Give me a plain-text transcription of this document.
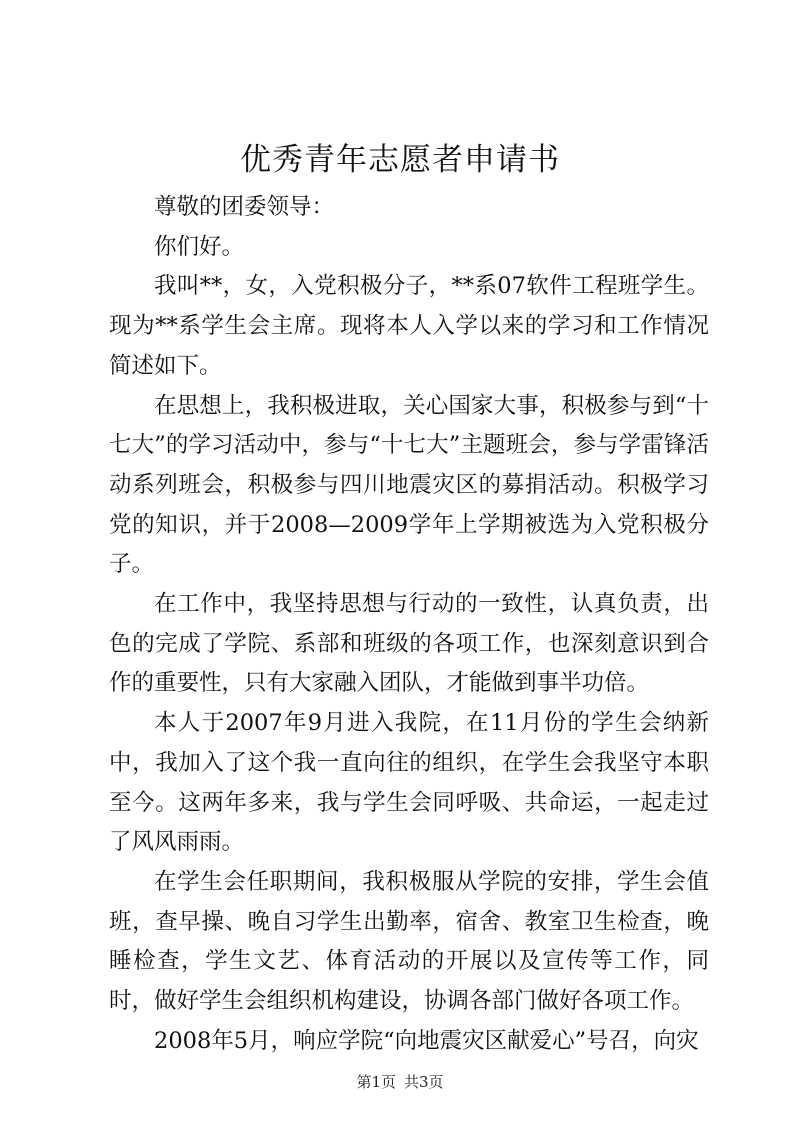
优秀青年志愿者申请书

尊敬的团委领导：

你们好。

我叫**，女，入党积极分子，**系07软件工程班学生。现为**系学生会主席。现将本人入学以来的学习和工作情况简述如下。

在思想上，我积极进取，关心国家大事，积极参与到“十七大”的学习活动中，参与“十七大”主题班会，参与学雷锋活动系列班会，积极参与四川地震灾区的募捐活动。积极学习党的知识，并于2008—2009学年上学期被选为入党积极分子。

在工作中，我坚持思想与行动的一致性，认真负责，出色的完成了学院、系部和班级的各项工作，也深刻意识到合作的重要性，只有大家融入团队，才能做到事半功倍。

本人于2007年9月进入我院，在11月份的学生会纳新中，我加入了这个我一直向往的组织，在学生会我坚守本职至今。这两年多来，我与学生会同呼吸、共命运，一起走过了风风雨雨。

在学生会任职期间，我积极服从学院的安排，学生会值班，查早操、晚自习学生出勤率，宿舍、教室卫生检查，晚睡检查，学生文艺、体育活动的开展以及宣传等工作，同时，做好学生会组织机构建设，协调各部门做好各项工作。

2008年5月，响应学院“向地震灾区献爱心”号召，向灾

第1页 共3页
